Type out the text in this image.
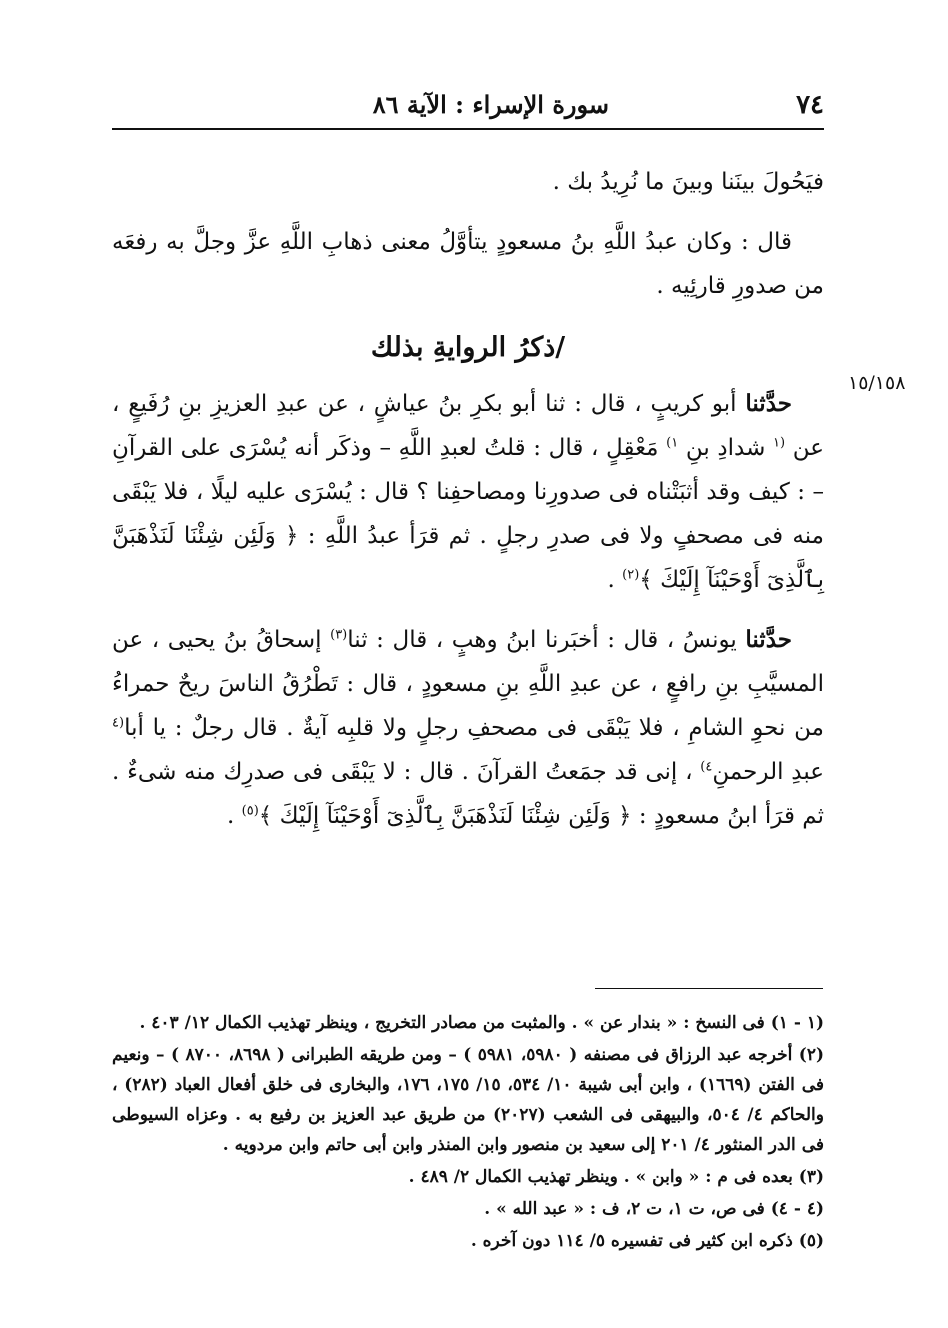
٧٤
سورة الإسراء : الآية ٨٦
١٥/١٥٨

فيَحُولَ بينَنا وبينَ ما نُرِيدُ بك .

قال : وكان عبدُ اللَّهِ بنُ مسعودٍ يتأوَّلُ معنى ذهابِ اللَّهِ عزَّ وجلَّ به رفعَه من صدورِ قارئِيه .

/ذكرُ الروايةِ بذلك

حدَّثنا أبو كريبٍ ، قال : ثنا أبو بكرِ بنُ عياشٍ ، عن عبدِ العزيزِ بنِ رُفَيعٍ ، عن $^{(١}$ شدادِ بنِ $^{١)}$ مَعْقِلٍ ، قال : قلتُ لعبدِ اللَّهِ – وذكَر أنه يُسْرَى على القرآنِ – : كيف وقد أثبَتْناه فى صدورِنا ومصاحفِنا ؟ قال : يُسْرَى عليه ليلًا ، فلا يَبْقَى منه فى مصحفٍ ولا فى صدرِ رجلٍ . ثم قرَأ عبدُ اللَّهِ : ﴿ وَلَئِن شِئْنَا لَنَذْهَبَنَّ بِٱلَّذِىٓ أَوْحَيْنَآ إِلَيْكَ ﴾$^{(٢)}$ .

حدَّثنا يونسُ ، قال : أخبَرنا ابنُ وهبٍ ، قال : ثنا$^{(٣)}$ إسحاقُ بنُ يحيى ، عن المسيَّبِ بنِ رافعٍ ، عن عبدِ اللَّهِ بنِ مسعودٍ ، قال : تَطْرُقُ الناسَ ريحٌ حمراءُ من نحوِ الشامِ ، فلا يَبْقَى فى مصحفِ رجلٍ ولا قلبِه آيةٌ . قال رجلٌ : يا أبا$^{(٤}$ عبدِ الرحمنِ$^{٤)}$ ، إنى قد جمَعتُ القرآنَ . قال : لا يَبْقَى فى صدرِك منه شىءٌ . ثم قرَأ ابنُ مسعودٍ : ﴿ وَلَئِن شِئْنَا لَنَذْهَبَنَّ بِٱلَّذِىٓ أَوْحَيْنَآ إِلَيْكَ ﴾$^{(٥)}$ .

(١ - ١) فى النسخ : « بندار عن » . والمثبت من مصادر التخريج ، وينظر تهذيب الكمال ١٢/ ٤٠٣ .

(٢) أخرجه عبد الرزاق فى مصنفه ( ٥٩٨٠، ٥٩٨١ ) – ومن طريقه الطبرانى ( ٨٦٩٨، ٨٧٠٠ ) – ونعيم فى الفتن (١٦٦٩) ، وابن أبى شيبة ١٠/ ٥٣٤، ١٥/ ١٧٥، ١٧٦، والبخارى فى خلق أفعال العباد (٢٨٢) ، والحاكم ٤/ ٥٠٤، والبيهقى فى الشعب (٢٠٢٧) من طريق عبد العزيز بن رفيع به . وعزاه السيوطى فى الدر المنثور ٤/ ٢٠١ إلى سعيد بن منصور وابن المنذر وابن أبى حاتم وابن مردويه .

(٣) بعده فى م : « وابن » . وينظر تهذيب الكمال ٢/ ٤٨٩ .

(٤ - ٤) فى ص، ت ١، ت ٢، ف : « عبد الله » .

(٥) ذكره ابن كثير فى تفسيره ٥/ ١١٤ دون آخره .
